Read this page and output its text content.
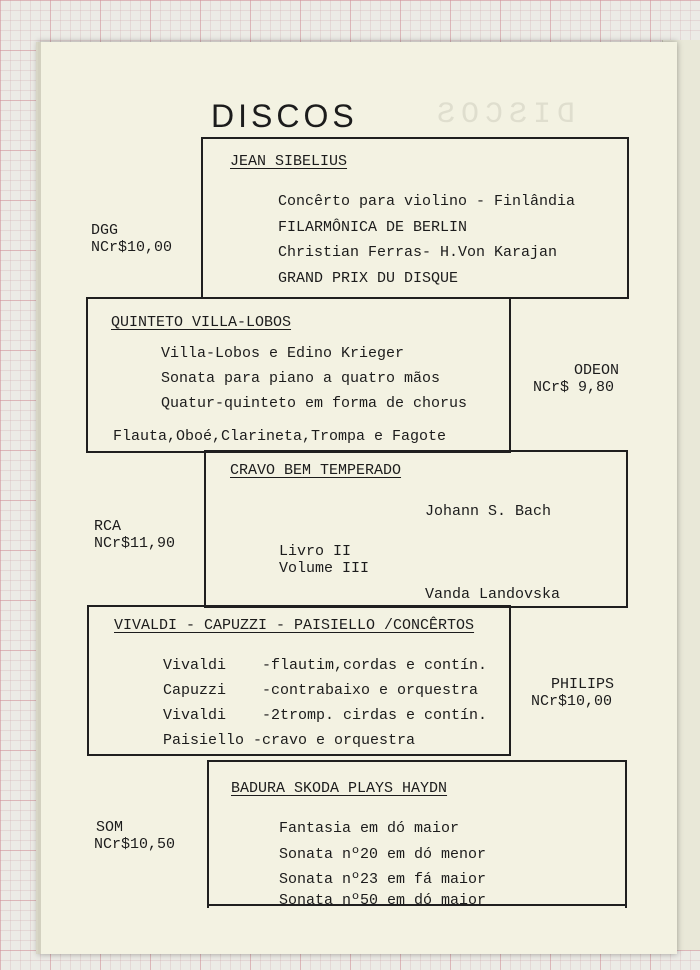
DISCOS
DISCOS
JEAN SIBELIUS
Concêrto para violino - Finlândia
FILARMÔNICA DE BERLIN
Christian Ferras- H.Von Karajan
GRAND PRIX DU DISQUE
DGG
NCr$10,00
QUINTETO VILLA-LOBOS
Villa-Lobos e Edino Krieger
Sonata para piano a quatro mãos
Quatur-quinteto em forma de chorus
Flauta,Oboé,Clarineta,Trompa e Fagote
ODEON
NCr$ 9,80
CRAVO BEM TEMPERADO
Johann S. Bach
Livro II
Volume III
Vanda Landovska
RCA
NCr$11,90
VIVALDI - CAPUZZI - PAISIELLO /CONCÊRTOS
Vivaldi    -flautim,cordas e contín.
Capuzzi    -contrabaixo e orquestra
Vivaldi    -2tromp. cirdas e contín.
Paisiello -cravo e orquestra
PHILIPS
NCr$10,00
BADURA SKODA PLAYS HAYDN
Fantasia em dó maior
Sonata nº20 em dó menor
Sonata nº23 em fá maior
Sonata nº50 em dó maior
SOM
NCr$10,50
